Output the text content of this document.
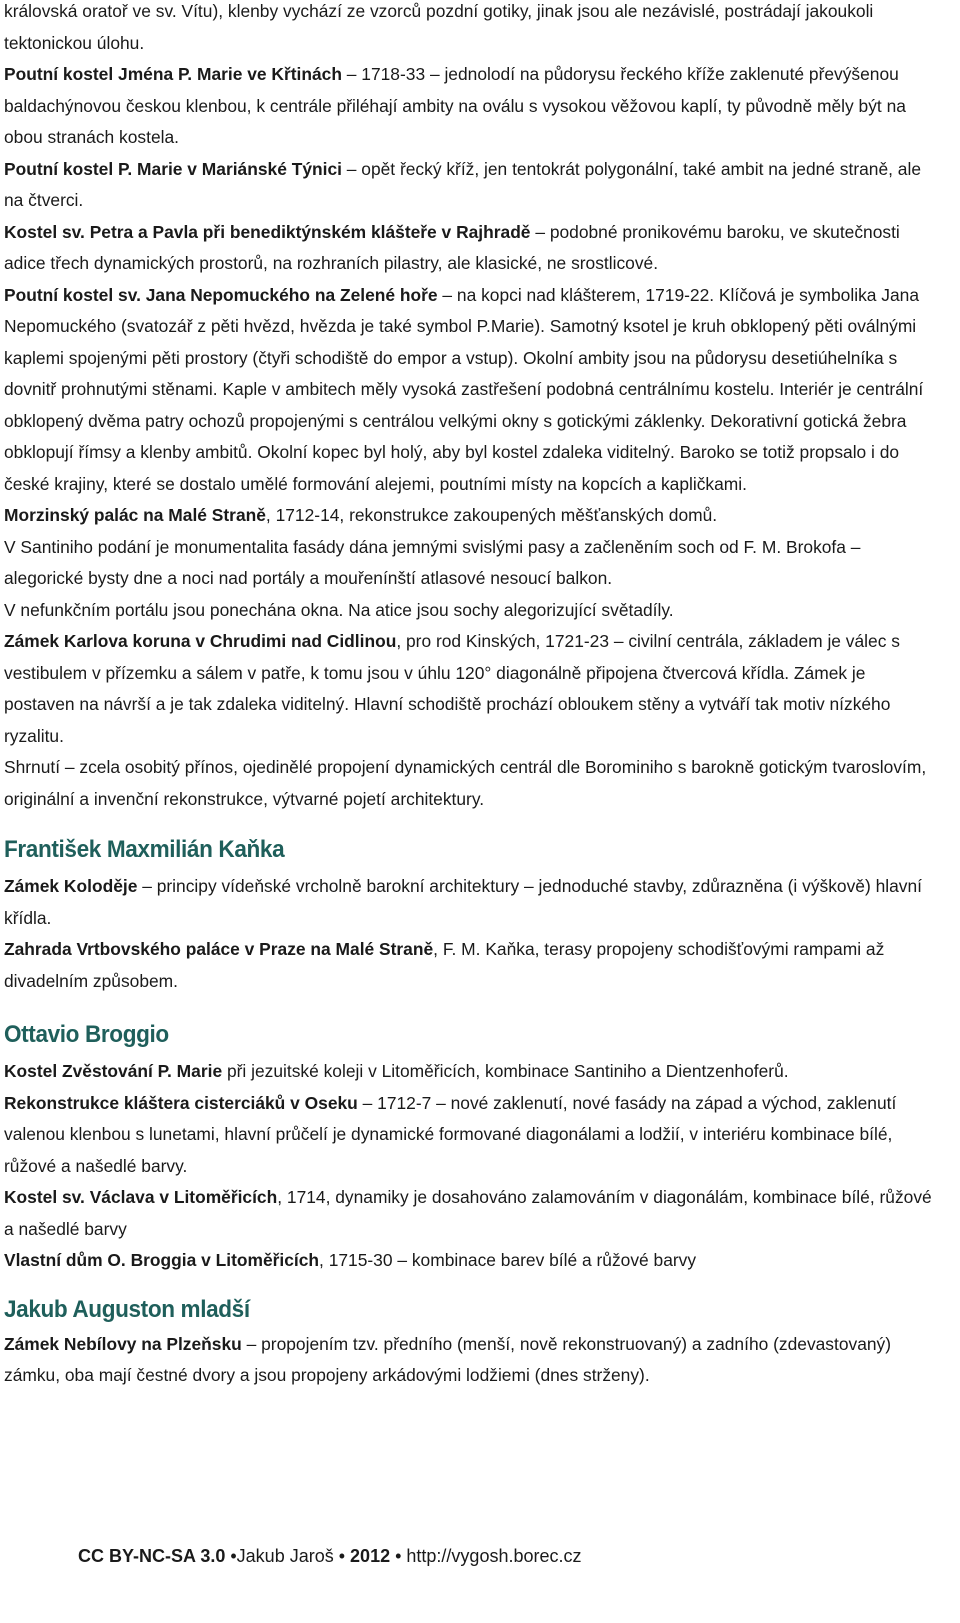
královská oratoř ve sv. Vítu), klenby vychází ze vzorců pozdní gotiky, jinak jsou ale nezávislé, postrádají jakoukoli tektonickou úlohu.

Poutní kostel Jména P. Marie ve Křtinách – 1718-33 – jednolodí na půdorysu řeckého kříže zaklenuté převýšenou baldachýnovou českou klenbou, k centrále přiléhají ambity na oválu s vysokou věžovou kaplí, ty původně měly být na obou stranách kostela.

Poutní kostel P. Marie v Mariánské Týnici – opět řecký kříž, jen tentokrát polygonální, také ambit na jedné straně, ale na čtverci.

Kostel sv. Petra a Pavla při benediktýnském klášteře v Rajhradě – podobné pronikovému baroku, ve skutečnosti adice třech dynamických prostorů, na rozhraních pilastry, ale klasické, ne srostlicové.

Poutní kostel sv. Jana Nepomuckého na Zelené hoře – na kopci nad klášterem, 1719-22. Klíčová je symbolika Jana Nepomuckého (svatozář z pěti hvězd, hvězda je také symbol P.Marie). Samotný ksotel je kruh obklopený pěti oválnými kaplemi spojenými pěti prostory (čtyři schodiště do empor a vstup). Okolní ambity jsou na půdorysu desetiúhelníka s dovnitř prohnutými stěnami. Kaple v ambitech měly vysoká zastřešení podobná centrálnímu kostelu. Interiér je centrální obklopený dvěma patry ochozů propojenými s centrálou velkými okny s gotickými záklenky. Dekorativní gotická žebra obklopují římsy a klenby ambitů. Okolní kopec byl holý, aby byl kostel zdaleka viditelný. Baroko se totiž propsalo i do české krajiny, které se dostalo umělé formování alejemi, poutními místy na kopcích a kapličkami.

Morzinský palác na Malé Straně, 1712-14, rekonstrukce zakoupených měšťanských domů.

V Santiniho podání je monumentalita fasády dána jemnými svislými pasy a začleněním soch od F. M. Brokofa – alegorické bysty dne a noci nad portály a mouřenínští atlasové nesoucí balkon.

V nefunkčním portálu jsou ponechána okna. Na atice jsou sochy alegorizující světadíly.

Zámek Karlova koruna v Chrudimi nad Cidlinou, pro rod Kinských, 1721-23 – civilní centrála, základem je válec s vestibulem v přízemku a sálem v patře, k tomu jsou v úhlu 120° diagonálně připojena čtvercová křídla. Zámek je postaven na návrší a je tak zdaleka viditelný. Hlavní schodiště prochází obloukem stěny a vytváří tak motiv nízkého ryzalitu.

Shrnutí – zcela osobitý přínos, ojedinělé propojení dynamických centrál dle Borominiho s barokně gotickým tvaroslovím, originální a invenční rekonstrukce, výtvarné pojetí architektury.

František Maxmilián Kaňka

Zámek Koloděje – principy vídeňské vrcholně barokní architektury – jednoduché stavby, zdůrazněna (i výškově) hlavní křídla.

Zahrada Vrtbovského paláce v Praze na Malé Straně, F. M. Kaňka, terasy propojeny schodišťovými rampami až divadelním způsobem.

Ottavio Broggio

Kostel Zvěstování P. Marie při jezuitské koleji v Litoměřicích, kombinace Santiniho a Dientzenhoferů.

Rekonstrukce kláštera cisterciáků v Oseku – 1712-7 – nové zaklenutí, nové fasády na západ a východ, zaklenutí valenou klenbou s lunetami, hlavní průčelí je dynamické formované diagonálami a lodžií, v interiéru kombinace bílé, růžové a našedlé barvy.

Kostel sv. Václava v Litoměřicích, 1714, dynamiky je dosahováno zalamováním v diagonálám, kombinace bílé, růžové a našedlé barvy

Vlastní dům O. Broggia v Litoměřicích, 1715-30 – kombinace barev bílé a růžové barvy

Jakub Auguston mladší

Zámek Nebílovy na Plzeňsku – propojením tzv. předního (menší, nově rekonstruovaný) a zadního (zdevastovaný) zámku, oba mají čestné dvory a jsou propojeny arkádovými lodžiemi (dnes strženy).

CC BY-NC-SA 3.0 •Jakub Jaroš • 2012 • http://vygosh.borec.cz
